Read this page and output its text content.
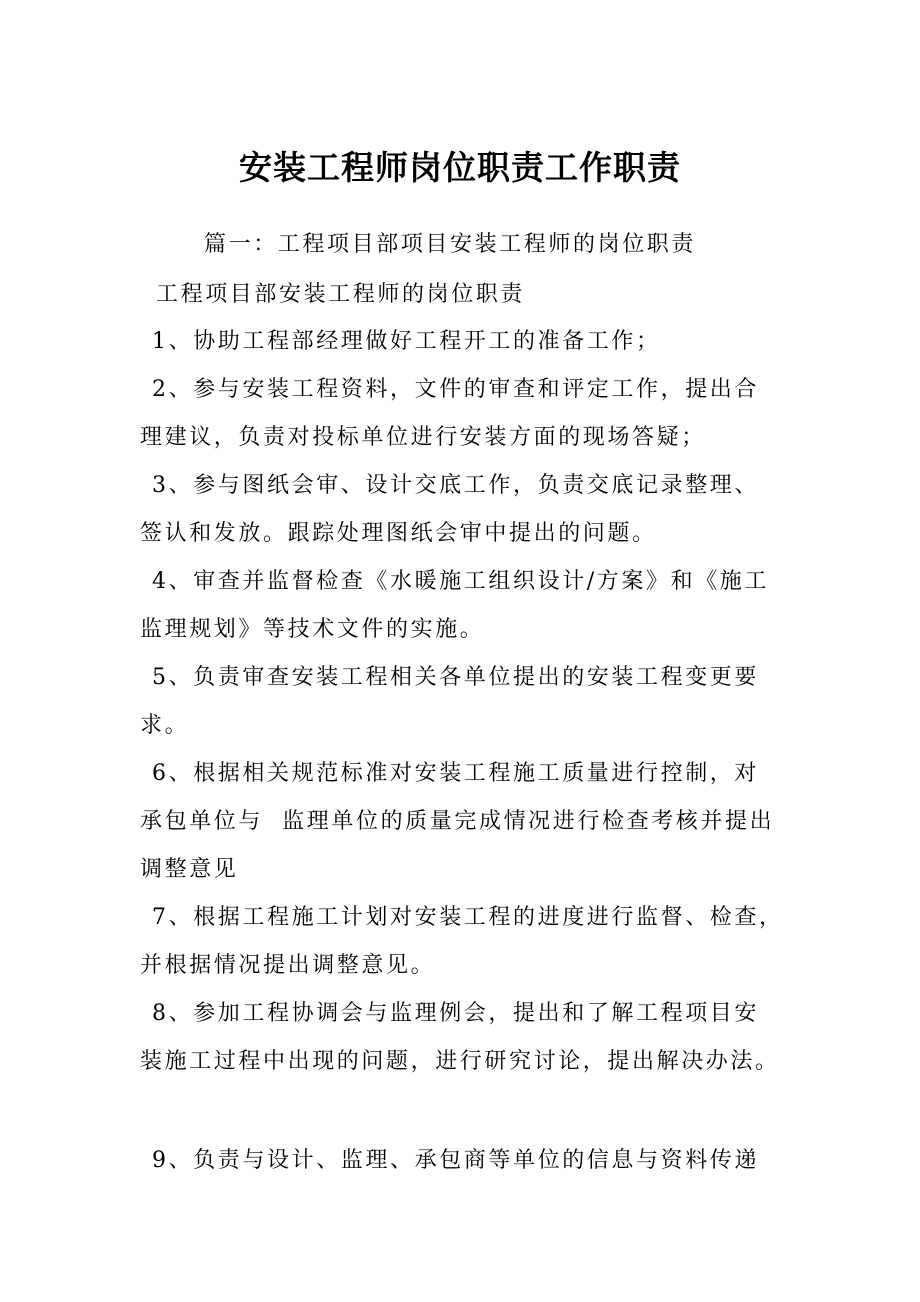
安装工程师岗位职责工作职责
篇一：工程项目部项目安装工程师的岗位职责
工程项目部安装工程师的岗位职责
1、协助工程部经理做好工程开工的准备工作；
2、参与安装工程资料，文件的审查和评定工作，提出合
理建议，负责对投标单位进行安装方面的现场答疑；
3、参与图纸会审、设计交底工作，负责交底记录整理、
签认和发放。跟踪处理图纸会审中提出的问题。
4、审查并监督检查《水暖施工组织设计/方案》和《施工
监理规划》等技术文件的实施。
5、负责审查安装工程相关各单位提出的安装工程变更要
求。
6、根据相关规范标准对安装工程施工质量进行控制，对
承包单位与  监理单位的质量完成情况进行检查考核并提出
调整意见
7、根据工程施工计划对安装工程的进度进行监督、检查，
并根据情况提出调整意见。
8、参加工程协调会与监理例会，提出和了解工程项目安
装施工过程中出现的问题，进行研究讨论，提出解决办法。
9、负责与设计、监理、承包商等单位的信息与资料传递
